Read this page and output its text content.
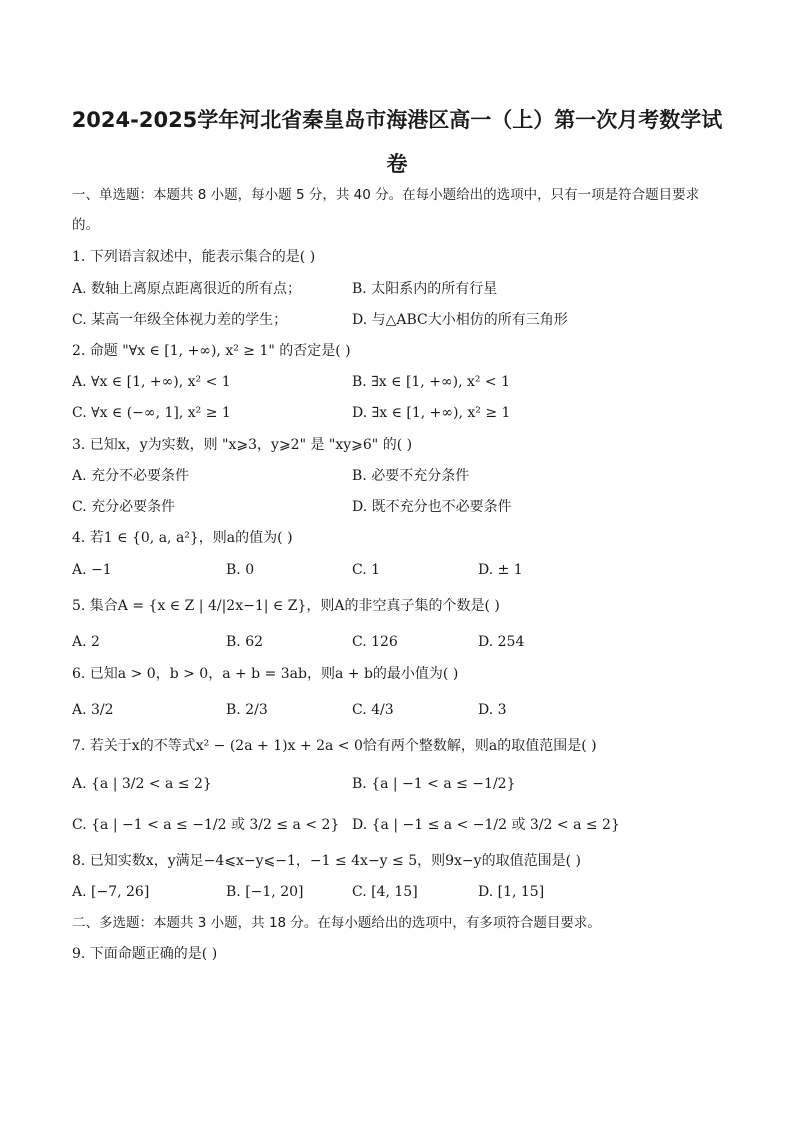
2024-2025学年河北省秦皇岛市海港区高一（上）第一次月考数学试
卷
一、单选题：本题共 8 小题，每小题 5 分，共 40 分。在每小题给出的选项中，只有一项是符合题目要求
的。
1. 下列语言叙述中，能表示集合的是( )
A. 数轴上离原点距离很近的所有点；	B. 太阳系内的所有行星
C. 某高一年级全体视力差的学生；	D. 与△ABC大小相仿的所有三角形
2. 命题 "∀x ∈ [1, +∞), x² ≥ 1" 的否定是( )
A. ∀x ∈ [1, +∞), x² < 1	B. ∃x ∈ [1, +∞), x² < 1
C. ∀x ∈ (−∞, 1], x² ≥ 1	D. ∃x ∈ [1, +∞), x² ≥ 1
3. 已知x，y为实数，则 "x⩾3，y⩾2" 是 "xy⩾6" 的( )
A. 充分不必要条件	B. 必要不充分条件
C. 充分必要条件	D. 既不充分也不必要条件
4. 若1 ∈ {0, a, a²}，则a的值为( )
A. −1	B. 0	C. 1	D. ± 1
5. 集合A = {x ∈ Z | 4/|2x−1| ∈ Z}，则A的非空真子集的个数是( )
A. 2	B. 62	C. 126	D. 254
6. 已知a > 0，b > 0，a + b = 3ab，则a + b的最小值为( )
A. 3/2	B. 2/3	C. 4/3	D. 3
7. 若关于x的不等式x² − (2a + 1)x + 2a < 0恰有两个整数解，则a的取值范围是( )
A. {a | 3/2 < a ≤ 2}	B. {a | −1 < a ≤ −1/2}
C. {a | −1 < a ≤ −1/2 或 3/2 ≤ a < 2} D. {a | −1 ≤ a < −1/2 或 3/2 < a ≤ 2}
8. 已知实数x，y满足−4⩽x−y⩽−1，−1 ≤ 4x−y ≤ 5，则9x−y的取值范围是( )
A. [−7, 26]	B. [−1, 20]	C. [4, 15]	D. [1, 15]
二、多选题：本题共 3 小题，共 18 分。在每小题给出的选项中，有多项符合题目要求。
9. 下面命题正确的是( )
